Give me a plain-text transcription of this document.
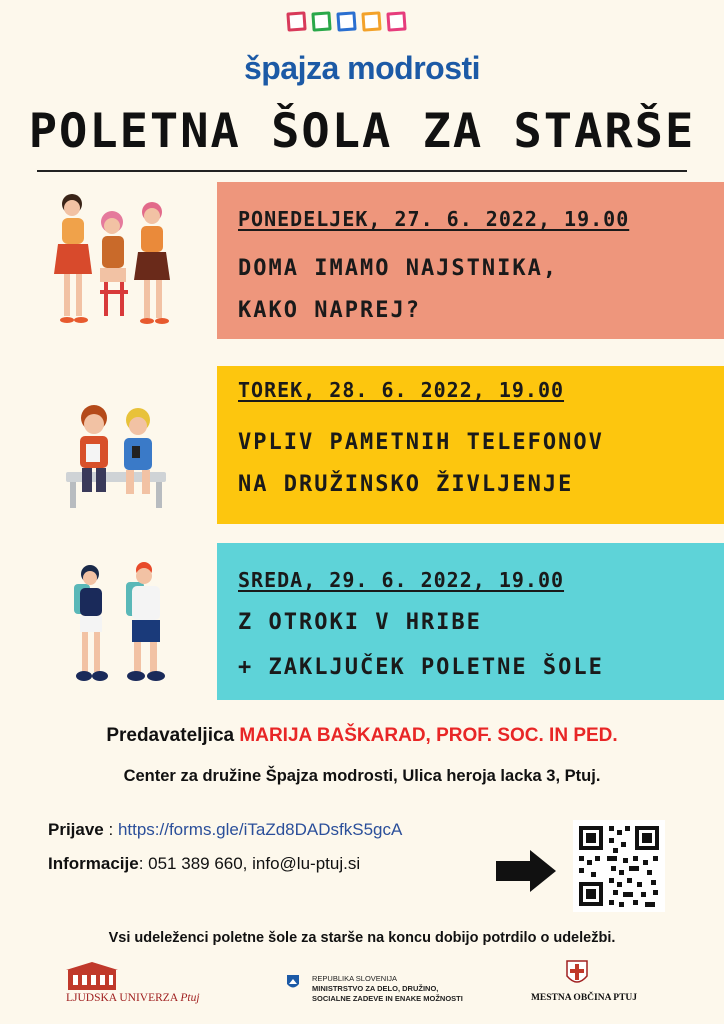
špajza modrosti
POLETNA ŠOLA ZA STARŠE
PONEDELJEK, 27. 6. 2022, 19.00
DOMA IMAMO NAJSTNIKA,
KAKO NAPREJ?
TOREK, 28. 6. 2022, 19.00
VPLIV PAMETNIH TELEFONOV
NA DRUŽINSKO ŽIVLJENJE
SREDA, 29. 6. 2022, 19.00
Z OTROKI V HRIBE
+ ZAKLJUČEK POLETNE ŠOLE
Predavateljica MARIJA BAŠKARAD, PROF. SOC. IN PED.
Center za družine Špajza modrosti, Ulica heroja lacka 3, Ptuj.
Prijave : https://forms.gle/iTaZd8DADsfkS5gcA
Informacije: 051 389 660, info@lu-ptuj.si
Vsi udeleženci poletne šole za starše na koncu dobijo potrdilo o udeležbi.
LJUDSKA UNIVERZA Ptuj
REPUBLIKA SLOVENIJA
MINISTRSTVO ZA DELO, DRUŽINO,
SOCIALNE ZADEVE IN ENAKE MOŽNOSTI	MESTNA OBČINA PTUJ
